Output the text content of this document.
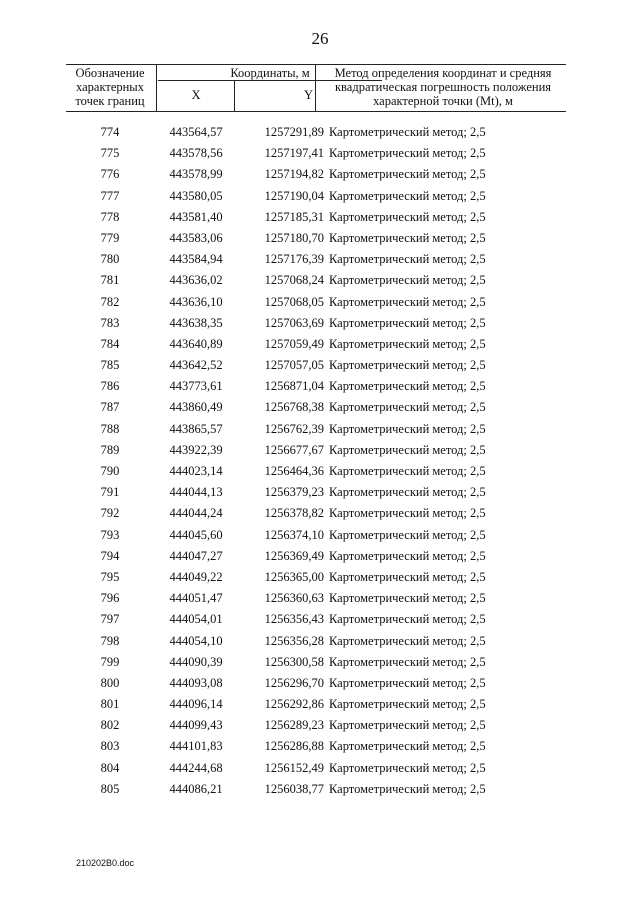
26
Обозначение характерных точек границ
Координаты, м
X	Y
Метод определения координат и средняя квадратическая погрешность положения характерной точки (Mt), м
774	443564,57	1257291,89 Картометрический метод; 2,5
775	443578,56	1257197,41 Картометрический метод; 2,5
776	443578,99	1257194,82 Картометрический метод; 2,5
777	443580,05	1257190,04 Картометрический метод; 2,5
778	443581,40	1257185,31 Картометрический метод; 2,5
779	443583,06	1257180,70 Картометрический метод; 2,5
780	443584,94	1257176,39 Картометрический метод; 2,5
781	443636,02	1257068,24 Картометрический метод; 2,5
782	443636,10	1257068,05 Картометрический метод; 2,5
783	443638,35	1257063,69 Картометрический метод; 2,5
784	443640,89	1257059,49 Картометрический метод; 2,5
785	443642,52	1257057,05 Картометрический метод; 2,5
786	443773,61	1256871,04 Картометрический метод; 2,5
787	443860,49	1256768,38 Картометрический метод; 2,5
788	443865,57	1256762,39 Картометрический метод; 2,5
789	443922,39	1256677,67 Картометрический метод; 2,5
790	444023,14	1256464,36 Картометрический метод; 2,5
791	444044,13	1256379,23 Картометрический метод; 2,5
792	444044,24	1256378,82 Картометрический метод; 2,5
793	444045,60	1256374,10 Картометрический метод; 2,5
794	444047,27	1256369,49 Картометрический метод; 2,5
795	444049,22	1256365,00 Картометрический метод; 2,5
796	444051,47	1256360,63 Картометрический метод; 2,5
797	444054,01	1256356,43 Картометрический метод; 2,5
798	444054,10	1256356,28 Картометрический метод; 2,5
799	444090,39	1256300,58 Картометрический метод; 2,5
800	444093,08	1256296,70 Картометрический метод; 2,5
801	444096,14	1256292,86 Картометрический метод; 2,5
802	444099,43	1256289,23 Картометрический метод; 2,5
803	444101,83	1256286,88 Картометрический метод; 2,5
804	444244,68	1256152,49 Картометрический метод; 2,5
805	444086,21	1256038,77 Картометрический метод; 2,5
210202B0.doc
